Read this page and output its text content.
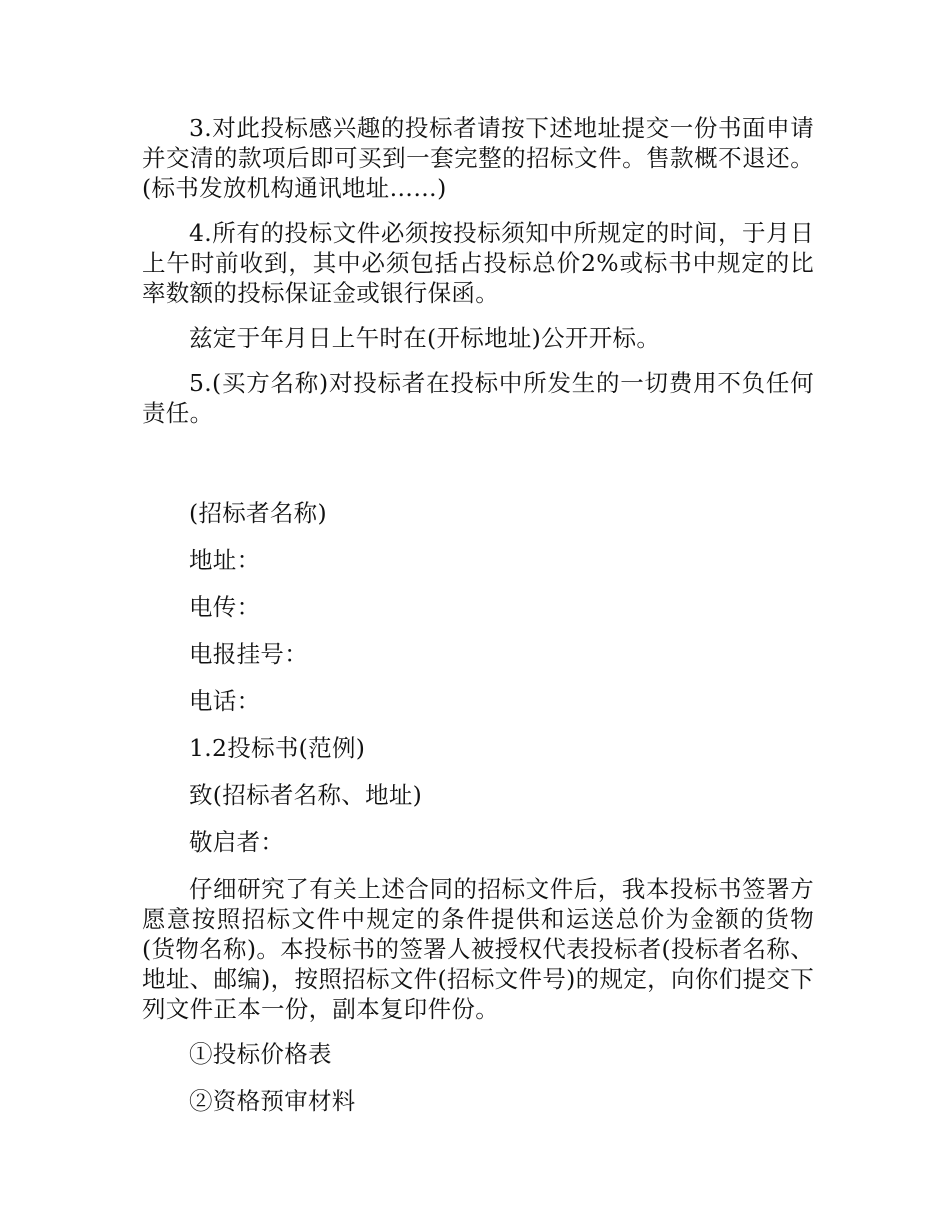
3.对此投标感兴趣的投标者请按下述地址提交一份书面申请并交清的款项后即可买到一套完整的招标文件。售款概不退还。(标书发放机构通讯地址……)

4.所有的投标文件必须按投标须知中所规定的时间，于月日上午时前收到，其中必须包括占投标总价2%或标书中规定的比率数额的投标保证金或银行保函。

兹定于年月日上午时在(开标地址)公开开标。

5.(买方名称)对投标者在投标中所发生的一切费用不负任何责任。

(招标者名称)
地址：
电传：
电报挂号：
电话：
1.2投标书(范例)
致(招标者名称、地址)
敬启者：

仔细研究了有关上述合同的招标文件后，我本投标书签署方愿意按照招标文件中规定的条件提供和运送总价为金额的货物(货物名称)。本投标书的签署人被授权代表投标者(投标者名称、地址、邮编)，按照招标文件(招标文件号)的规定，向你们提交下列文件正本一份，副本复印件份。

①投标价格表
②资格预审材料
